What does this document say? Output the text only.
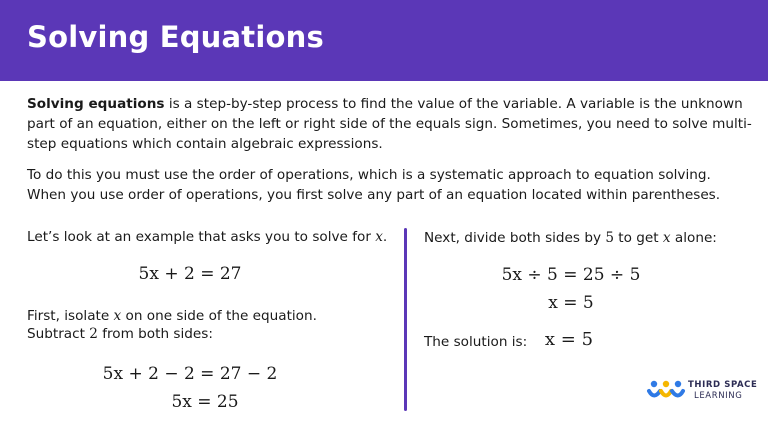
Solving Equations

Solving equations is a step-by-step process to find the value of the variable. A variable is the unknown part of an equation, either on the left or right side of the equals sign. Sometimes, you need to solve multi-step equations which contain algebraic expressions.

To do this you must use the order of operations, which is a systematic approach to equation solving. When you use order of operations, you first solve any part of an equation located within parentheses.

Let’s look at an example that asks you to solve for x.
5x + 2 = 27
First, isolate x on one side of the equation.
Subtract 2 from both sides:
5x + 2 − 2 = 27 − 2
5x = 25
Next, divide both sides by 5 to get x alone:
5x ÷ 5 = 25 ÷ 5
x = 5
The solution is: x = 5
THIRD SPACE
LEARNING
